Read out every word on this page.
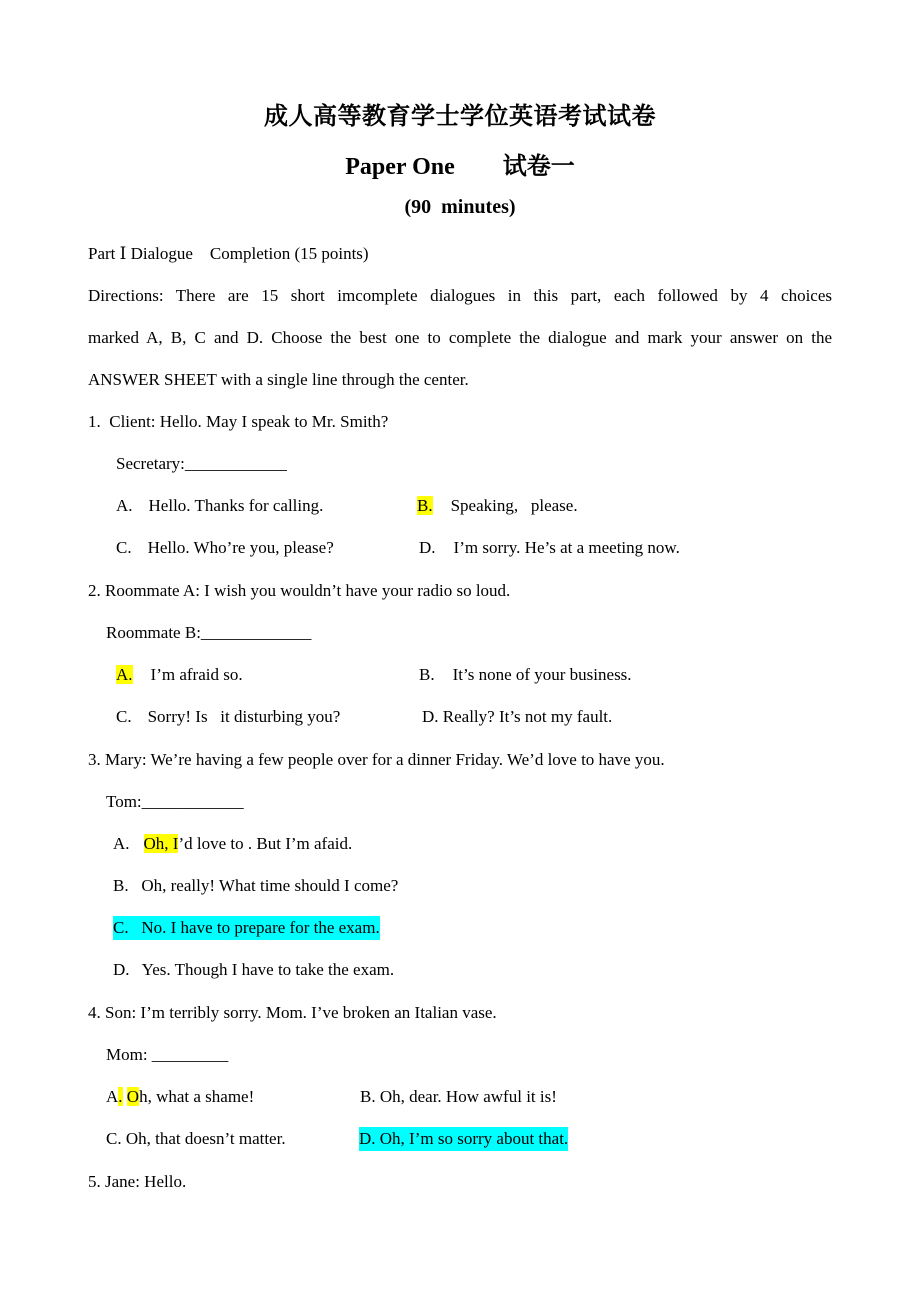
成人高等教育学士学位英语考试试卷
Paper One 试卷一
(90  minutes)
Part Ⅰ Dialogue    Completion (15 points)
Directions: There are 15 short imcomplete dialogues in this part, each followed by 4 choices
marked A, B, C and D. Choose the best one to complete the dialogue and mark your answer on the
ANSWER SHEET with a single line through the center.
1.  Client: Hello. May I speak to Mr. Smith?
Secretary:____________
A. Hello. Thanks for calling.	B. Speaking,   please.
C. Hello. Who’re you, please?	D. I’m sorry. He’s at a meeting now.
2. Roommate A: I wish you wouldn’t have your radio so loud.
Roommate B:_____________
A. I’m afraid so.	B. It’s none of your business.
C. Sorry! Is   it disturbing you?	D. Really? It’s not my fault.
3. Mary: We’re having a few people over for a dinner Friday. We’d love to have you.
Tom:____________
A. Oh, I’d love to . But I’m afaid.
B.   Oh, really! What time should I come?
C.   No. I have to prepare for the exam.
D.   Yes. Though I have to take the exam.
4. Son: I’m terribly sorry. Mom. I’ve broken an Italian vase.
Mom: _________
A. Oh, what a shame!	B. Oh, dear. How awful it is!
C. Oh, that doesn’t matter.	D. Oh, I’m so sorry about that.
5. Jane: Hello.
